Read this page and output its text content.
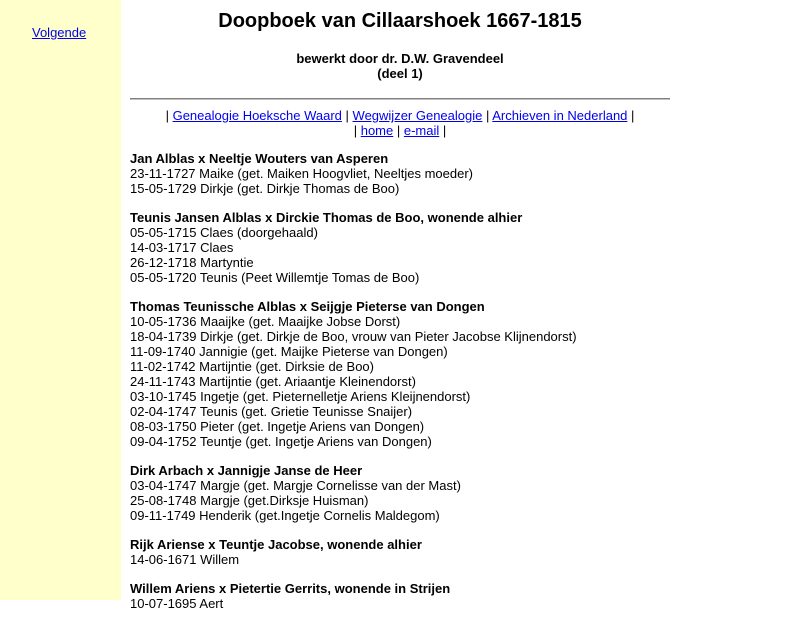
Volgende
Doopboek van Cillaarshoek 1667-1815
bewerkt door dr. D.W. Gravendeel
(deel 1)
| Genealogie Hoeksche Waard | Wegwijzer Genealogie | Archieven in Nederland |
| home | e-mail |
Jan Alblas x Neeltje Wouters van Asperen
23-11-1727 Maike (get. Maiken Hoogvliet, Neeltjes moeder)
15-05-1729 Dirkje (get. Dirkje Thomas de Boo)
Teunis Jansen Alblas x Dirckie Thomas de Boo, wonende alhier
05-05-1715 Claes (doorgehaald)
14-03-1717 Claes
26-12-1718 Martyntie
05-05-1720 Teunis (Peet Willemtje Tomas de Boo)
Thomas Teunissche Alblas x Seijgje Pieterse van Dongen
10-05-1736 Maaijke (get. Maaijke Jobse Dorst)
18-04-1739 Dirkje (get. Dirkje de Boo, vrouw van Pieter Jacobse Klijnendorst)
11-09-1740 Jannigie (get. Maijke Pieterse van Dongen)
11-02-1742 Martijntie (get. Dirksie de Boo)
24-11-1743 Martijntie (get. Ariaantje Kleinendorst)
03-10-1745 Ingetje (get. Pieternelletje Ariens Kleijnendorst)
02-04-1747 Teunis (get. Grietie Teunisse Snaijer)
08-03-1750 Pieter (get. Ingetje Ariens van Dongen)
09-04-1752 Teuntje (get. Ingetje Ariens van Dongen)
Dirk Arbach x Jannigje Janse de Heer
03-04-1747 Margje (get. Margje Cornelisse van der Mast)
25-08-1748 Margje (get.Dirksje Huisman)
09-11-1749 Henderik (get.Ingetje Cornelis Maldegom)
Rijk Ariense x Teuntje Jacobse, wonende alhier
14-06-1671 Willem
Willem Ariens x Pietertie Gerrits, wonende in Strijen
10-07-1695 Aert
